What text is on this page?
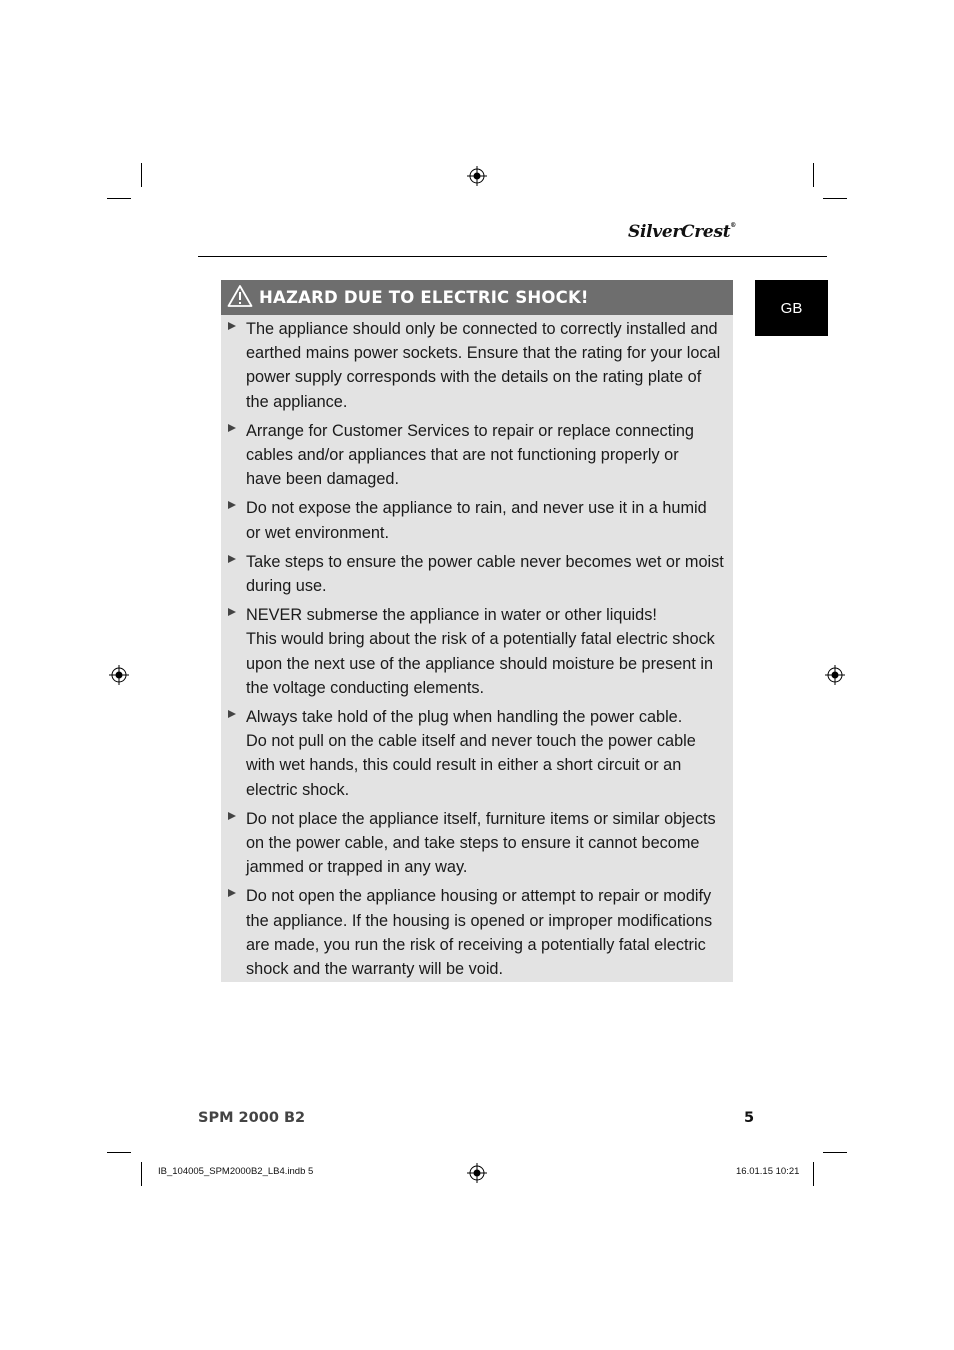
SilverCrest®
GB
HAZARD DUE TO ELECTRIC SHOCK!
The appliance should only be connected to correctly installed and
earthed mains power sockets. Ensure that the rating for your local
power supply corresponds with the details on the rating plate of
the appliance.
Arrange for Customer Services to repair or replace connecting
cables and/or appliances that are not functioning properly or
have been damaged.
Do not expose the appliance to rain, and never use it in a humid
or wet environment.
Take steps to ensure the power cable never becomes wet or moist
during use.
NEVER submerse the appliance in water or other liquids!
This would bring about the risk of a potentially fatal electric shock
upon the next use of the appliance should moisture be present in
the voltage conducting elements.
Always take hold of the plug when handling the power cable.
Do not pull on the cable itself and never touch the power cable
with wet hands, this could result in either a short circuit or an
electric shock.
Do not place the appliance itself, furniture items or similar objects
on the power cable, and take steps to ensure it cannot become
jammed or trapped in any way.
Do not open the appliance housing or attempt to repair or modify
the appliance. If the housing is opened or improper modifications
are made, you run the risk of receiving a potentially fatal electric
shock and the warranty will be void.
SPM 2000 B2	5
IB_104005_SPM2000B2_LB4.indb 5	16.01.15 10:21
